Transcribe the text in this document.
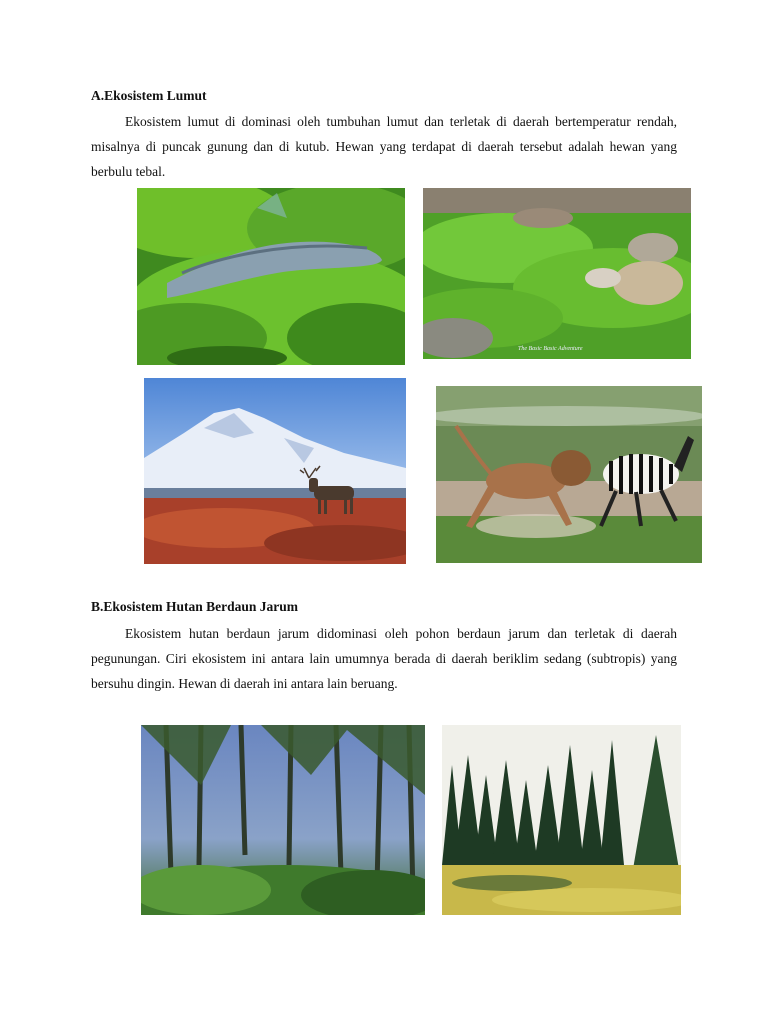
A.Ekosistem Lumut

Ekosistem lumut di dominasi oleh tumbuhan lumut dan terletak di daerah bertemperatur rendah, misalnya di puncak gunung dan di kutub. Hewan yang terdapat di daerah tersebut adalah hewan yang berbulu tebal.

The Basic Basic Adventure
B.Ekosistem Hutan Berdaun Jarum

Ekosistem hutan berdaun jarum didominasi oleh pohon berdaun jarum dan terletak di daerah pegunungan. Ciri ekosistem ini antara lain umumnya berada di daerah beriklim sedang (subtropis) yang bersuhu dingin. Hewan di daerah ini antara lain beruang.
